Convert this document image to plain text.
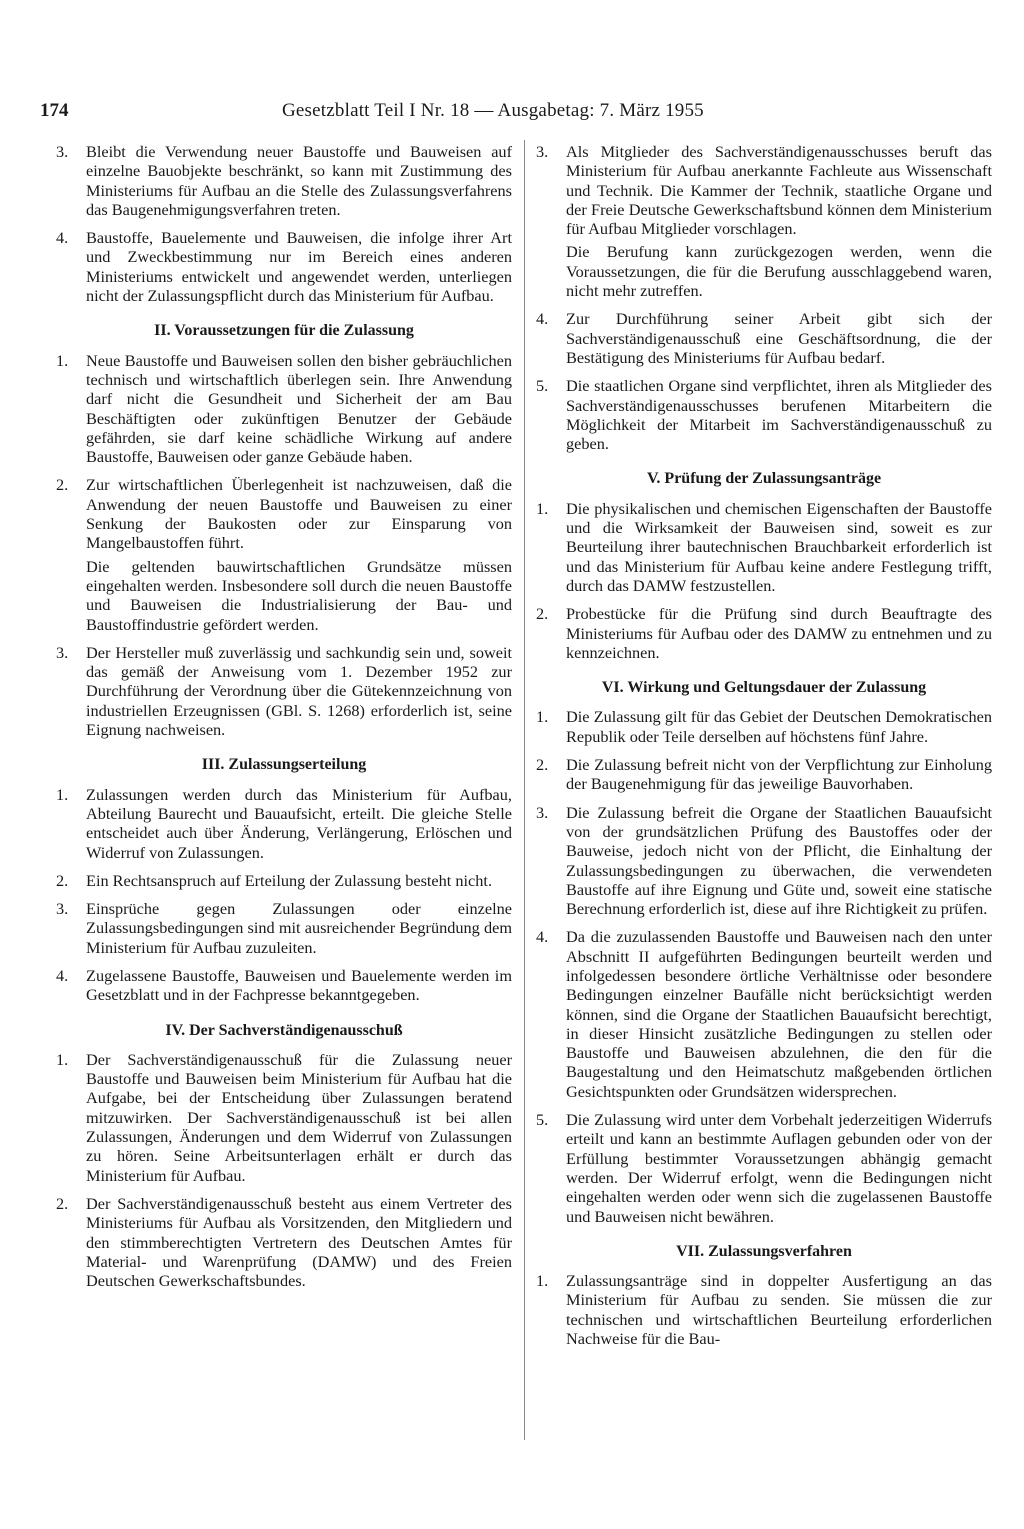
174	Gesetzblatt Teil I Nr. 18 — Ausgabetag: 7. März 1955
3.	Bleibt die Verwendung neuer Baustoffe und Bauweisen auf einzelne Bauobjekte beschränkt, so kann mit Zustimmung des Ministeriums für Aufbau an die Stelle des Zulassungsverfahrens das Baugenehmigungsverfahren treten.
4.	Baustoffe, Bauelemente und Bauweisen, die infolge ihrer Art und Zweckbestimmung nur im Bereich eines anderen Ministeriums entwickelt und angewendet werden, unterliegen nicht der Zulassungspflicht durch das Ministerium für Aufbau.
II. Voraussetzungen für die Zulassung
1.	Neue Baustoffe und Bauweisen sollen den bisher gebräuchlichen technisch und wirtschaftlich überlegen sein. Ihre Anwendung darf nicht die Gesundheit und Sicherheit der am Bau Beschäftigten oder zukünftigen Benutzer der Gebäude gefährden, sie darf keine schädliche Wirkung auf andere Baustoffe, Bauweisen oder ganze Gebäude haben.
2.	Zur wirtschaftlichen Überlegenheit ist nachzuweisen, daß die Anwendung der neuen Baustoffe und Bauweisen zu einer Senkung der Baukosten oder zur Einsparung von Mangelbaustoffen führt.
Die geltenden bauwirtschaftlichen Grundsätze müssen eingehalten werden. Insbesondere soll durch die neuen Baustoffe und Bauweisen die Industrialisierung der Bau- und Baustoffindustrie gefördert werden.
3.	Der Hersteller muß zuverlässig und sachkundig sein und, soweit das gemäß der Anweisung vom 1. Dezember 1952 zur Durchführung der Verordnung über die Gütekennzeichnung von industriellen Erzeugnissen (GBl. S. 1268) erforderlich ist, seine Eignung nachweisen.
III. Zulassungserteilung
1.	Zulassungen werden durch das Ministerium für Aufbau, Abteilung Baurecht und Bauaufsicht, erteilt. Die gleiche Stelle entscheidet auch über Änderung, Verlängerung, Erlöschen und Widerruf von Zulassungen.
2.	Ein Rechtsanspruch auf Erteilung der Zulassung besteht nicht.
3.	Einsprüche gegen Zulassungen oder einzelne Zulassungsbedingungen sind mit ausreichender Begründung dem Ministerium für Aufbau zuzuleiten.
4.	Zugelassene Baustoffe, Bauweisen und Bauelemente werden im Gesetzblatt und in der Fachpresse bekanntgegeben.
IV. Der Sachverständigenausschuß
1.	Der Sachverständigenausschuß für die Zulassung neuer Baustoffe und Bauweisen beim Ministerium für Aufbau hat die Aufgabe, bei der Entscheidung über Zulassungen beratend mitzuwirken. Der Sachverständigenausschuß ist bei allen Zulassungen, Änderungen und dem Widerruf von Zulassungen zu hören. Seine Arbeitsunterlagen erhält er durch das Ministerium für Aufbau.
2.	Der Sachverständigenausschuß besteht aus einem Vertreter des Ministeriums für Aufbau als Vorsitzenden, den Mitgliedern und den stimmberechtigten Vertretern des Deutschen Amtes für Material- und Warenprüfung (DAMW) und des Freien Deutschen Gewerkschaftsbundes.
3.	Als Mitglieder des Sachverständigenausschusses beruft das Ministerium für Aufbau anerkannte Fachleute aus Wissenschaft und Technik. Die Kammer der Technik, staatliche Organe und der Freie Deutsche Gewerkschaftsbund können dem Ministerium für Aufbau Mitglieder vorschlagen.
Die Berufung kann zurückgezogen werden, wenn die Voraussetzungen, die für die Berufung ausschlaggebend waren, nicht mehr zutreffen.
4.	Zur Durchführung seiner Arbeit gibt sich der Sachverständigenausschuß eine Geschäftsordnung, die der Bestätigung des Ministeriums für Aufbau bedarf.
5.	Die staatlichen Organe sind verpflichtet, ihren als Mitglieder des Sachverständigenausschusses berufenen Mitarbeitern die Möglichkeit der Mitarbeit im Sachverständigenausschuß zu geben.
V. Prüfung der Zulassungsanträge
1.	Die physikalischen und chemischen Eigenschaften der Baustoffe und die Wirksamkeit der Bauweisen sind, soweit es zur Beurteilung ihrer bautechnischen Brauchbarkeit erforderlich ist und das Ministerium für Aufbau keine andere Festlegung trifft, durch das DAMW festzustellen.
2.	Probestücke für die Prüfung sind durch Beauftragte des Ministeriums für Aufbau oder des DAMW zu entnehmen und zu kennzeichnen.
VI. Wirkung und Geltungsdauer der Zulassung
1.	Die Zulassung gilt für das Gebiet der Deutschen Demokratischen Republik oder Teile derselben auf höchstens fünf Jahre.
2.	Die Zulassung befreit nicht von der Verpflichtung zur Einholung der Baugenehmigung für das jeweilige Bauvorhaben.
3.	Die Zulassung befreit die Organe der Staatlichen Bauaufsicht von der grundsätzlichen Prüfung des Baustoffes oder der Bauweise, jedoch nicht von der Pflicht, die Einhaltung der Zulassungsbedingungen zu überwachen, die verwendeten Baustoffe auf ihre Eignung und Güte und, soweit eine statische Berechnung erforderlich ist, diese auf ihre Richtigkeit zu prüfen.
4.	Da die zuzulassenden Baustoffe und Bauweisen nach den unter Abschnitt II aufgeführten Bedingungen beurteilt werden und infolgedessen besondere örtliche Verhältnisse oder besondere Bedingungen einzelner Baufälle nicht berücksichtigt werden können, sind die Organe der Staatlichen Bauaufsicht berechtigt, in dieser Hinsicht zusätzliche Bedingungen zu stellen oder Baustoffe und Bauweisen abzulehnen, die den für die Baugestaltung und den Heimatschutz maßgebenden örtlichen Gesichtspunkten oder Grundsätzen widersprechen.
5.	Die Zulassung wird unter dem Vorbehalt jederzeitigen Widerrufs erteilt und kann an bestimmte Auflagen gebunden oder von der Erfüllung bestimmter Voraussetzungen abhängig gemacht werden. Der Widerruf erfolgt, wenn die Bedingungen nicht eingehalten werden oder wenn sich die zugelassenen Baustoffe und Bauweisen nicht bewähren.
VII. Zulassungsverfahren
1.	Zulassungsanträge sind in doppelter Ausfertigung an das Ministerium für Aufbau zu senden. Sie müssen die zur technischen und wirtschaftlichen Beurteilung erforderlichen Nachweise für die Bau-
